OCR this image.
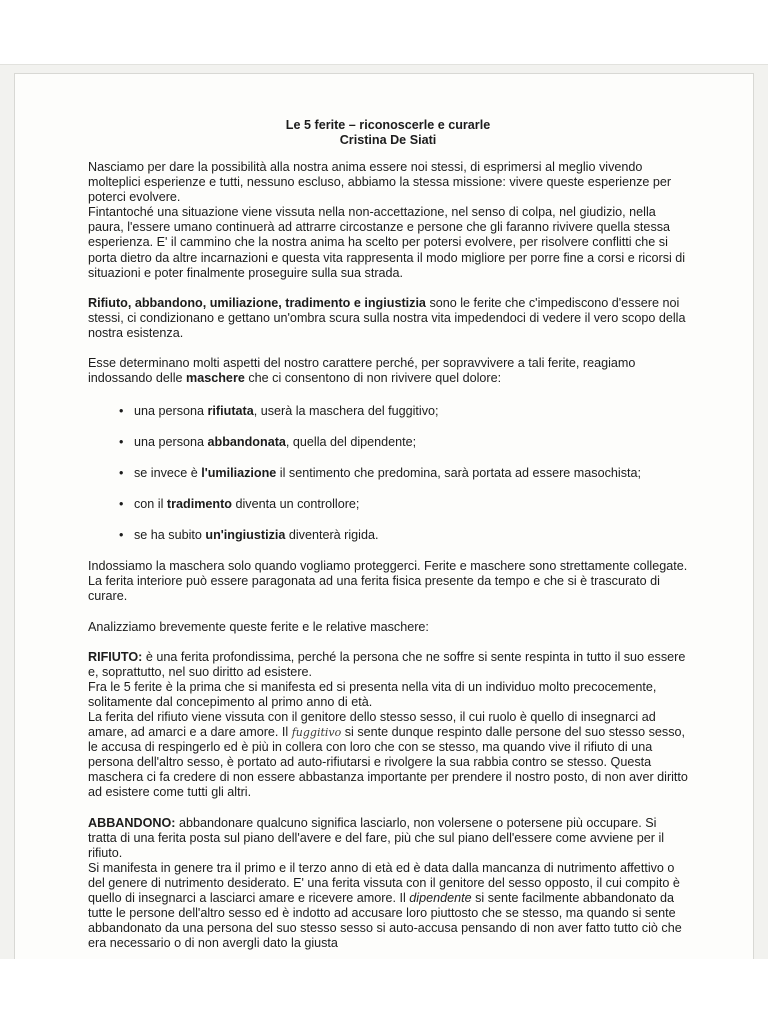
Le 5 ferite – riconoscerle e curarle

Cristina De Siati

Nasciamo per dare la possibilità alla nostra anima essere noi stessi, di esprimersi al meglio vivendo molteplici esperienze e tutti, nessuno escluso, abbiamo la stessa missione: vivere queste esperienze per poterci evolvere.

Fintantoché una situazione viene vissuta nella non-accettazione, nel senso di colpa, nel giudizio, nella paura, l'essere umano continuerà ad attrarre circostanze e persone che gli faranno rivivere quella stessa esperienza. E' il cammino che la nostra anima ha scelto per potersi evolvere, per risolvere conflitti che si porta dietro da altre incarnazioni e questa vita rappresenta il modo migliore per porre fine a corsi e ricorsi di situazioni e poter finalmente proseguire sulla sua strada.

Rifiuto, abbandono, umiliazione, tradimento e ingiustizia sono le ferite che c'impediscono d'essere noi stessi, ci condizionano e gettano un'ombra scura sulla nostra vita impedendoci di vedere il vero scopo della nostra esistenza.

Esse determinano molti aspetti del nostro carattere perché, per sopravvivere a tali ferite, reagiamo indossando delle maschere che ci consentono di non rivivere quel dolore:

• una persona rifiutata, userà la maschera del fuggitivo;
• una persona abbandonata, quella del dipendente;
• se invece è l'umiliazione il sentimento che predomina, sarà portata ad essere masochista;
• con il tradimento diventa un controllore;
• se ha subito un'ingiustizia diventerà rigida.

Indossiamo la maschera solo quando vogliamo proteggerci. Ferite e maschere sono strettamente collegate. La ferita interiore può essere paragonata ad una ferita fisica presente da tempo e che si è trascurato di curare.

Analizziamo brevemente queste ferite e le relative maschere:

RIFIUTO: è una ferita profondissima, perché la persona che ne soffre si sente respinta in tutto il suo essere e, soprattutto, nel suo diritto ad esistere.

Fra le 5 ferite è la prima che si manifesta ed si presenta nella vita di un individuo molto precocemente, solitamente dal concepimento al primo anno di età.

La ferita del rifiuto viene vissuta con il genitore dello stesso sesso, il cui ruolo è quello di insegnarci ad amare, ad amarci e a dare amore. Il fuggitivo si sente dunque respinto dalle persone del suo stesso sesso, le accusa di respingerlo ed è più in collera con loro che con se stesso, ma quando vive il rifiuto di una persona dell'altro sesso, è portato ad auto-rifiutarsi e rivolgere la sua rabbia contro se stesso. Questa maschera ci fa credere di non essere abbastanza importante per prendere il nostro posto, di non aver diritto ad esistere come tutti gli altri.

ABBANDONO: abbandonare qualcuno significa lasciarlo, non volersene o potersene più occupare. Si tratta di una ferita posta sul piano dell'avere e del fare, più che sul piano dell'essere come avviene per il rifiuto.

Si manifesta in genere tra il primo e il terzo anno di età ed è data dalla mancanza di nutrimento affettivo o del genere di nutrimento desiderato. E' una ferita vissuta con il genitore del sesso opposto, il cui compito è quello di insegnarci a lasciarci amare e ricevere amore. Il dipendente si sente facilmente abbandonato da tutte le persone dell'altro sesso ed è indotto ad accusare loro piuttosto che se stesso, ma quando si sente abbandonato da una persona del suo stesso sesso si auto-accusa pensando di non aver fatto tutto ciò che era necessario o di non avergli dato la giusta
